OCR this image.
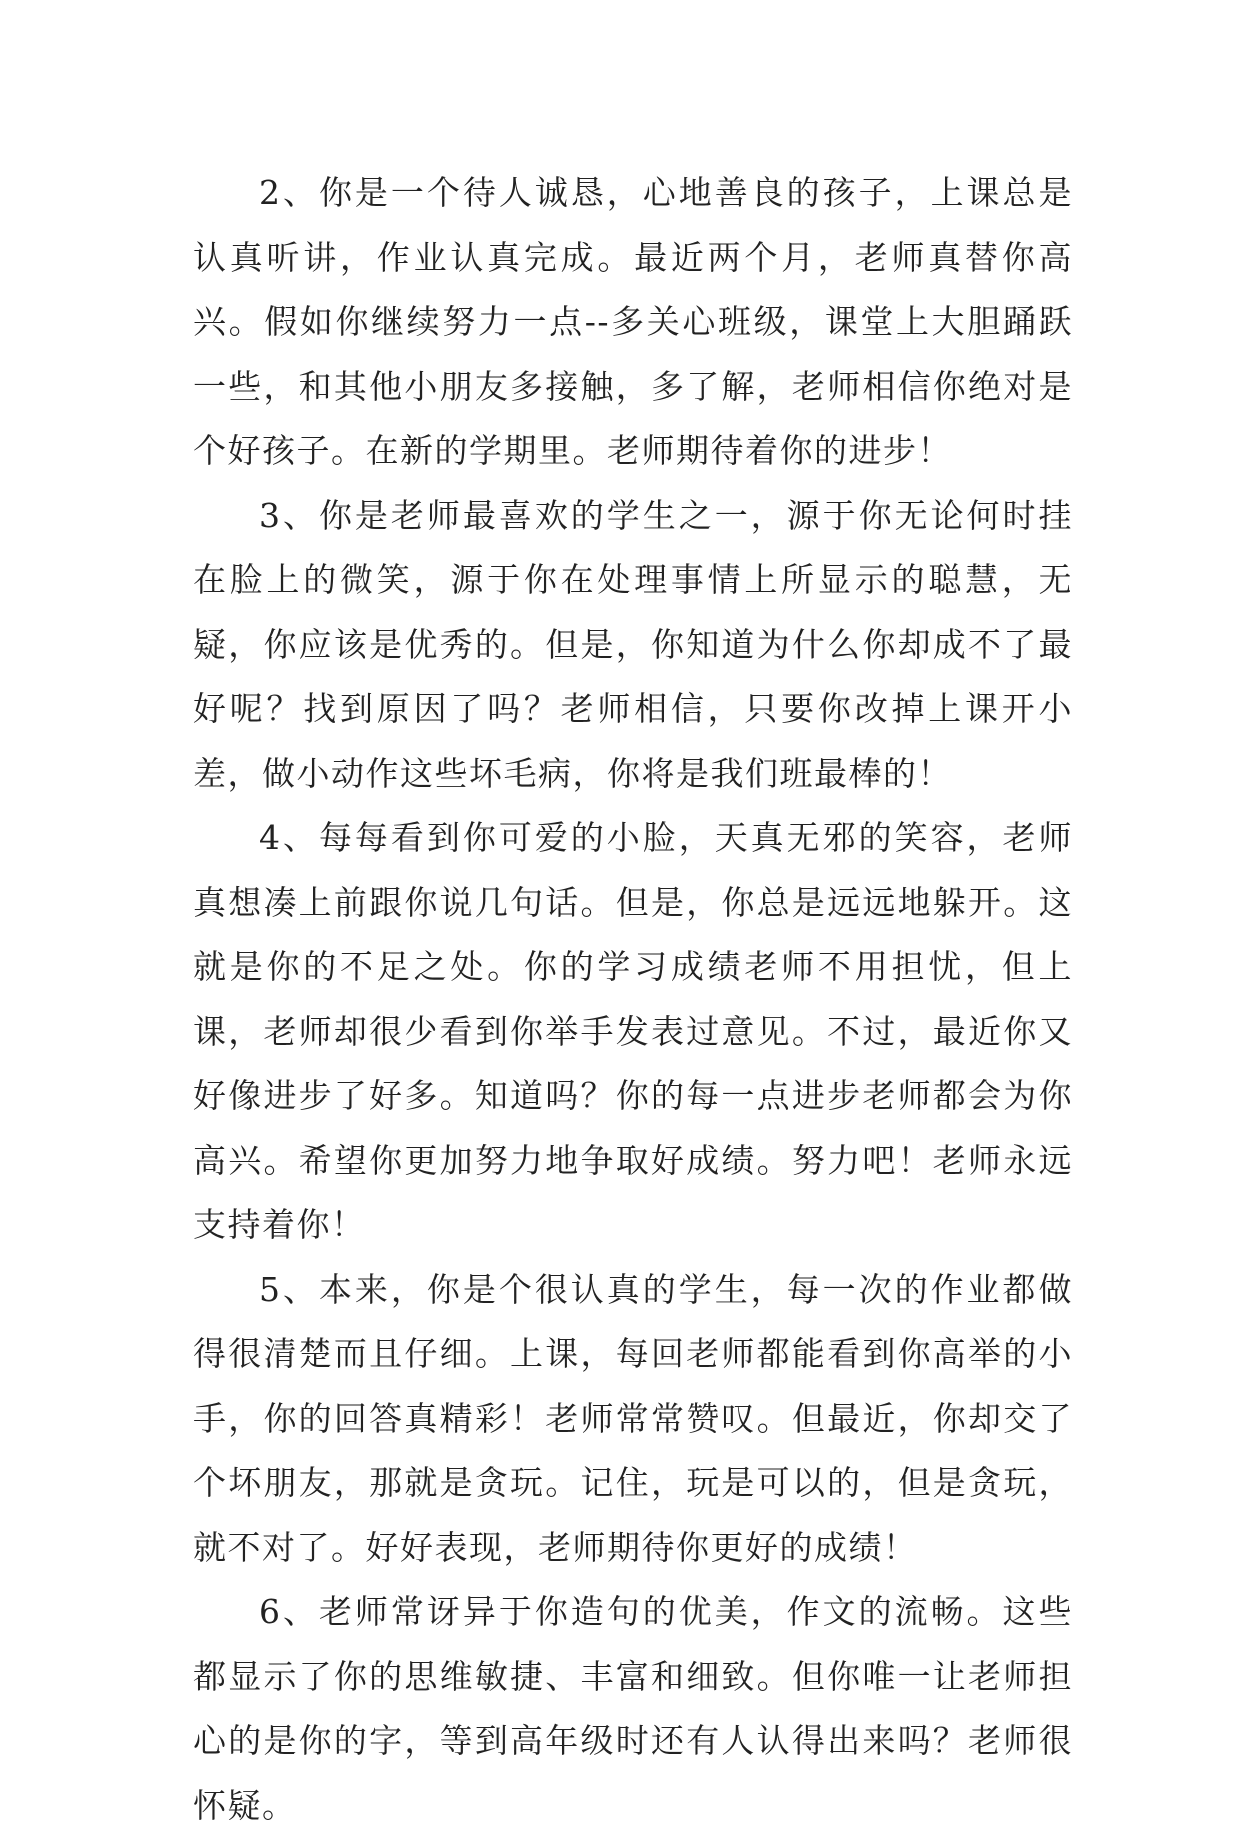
2、你是一个待人诚恳，心地善良的孩子，上课总是认真听讲，作业认真完成。最近两个月，老师真替你高兴。假如你继续努力一点--多关心班级，课堂上大胆踊跃一些，和其他小朋友多接触，多了解，老师相信你绝对是个好孩子。在新的学期里。老师期待着你的进步！

3、你是老师最喜欢的学生之一，源于你无论何时挂在脸上的微笑，源于你在处理事情上所显示的聪慧，无疑，你应该是优秀的。但是，你知道为什么你却成不了最好呢？找到原因了吗？老师相信，只要你改掉上课开小差，做小动作这些坏毛病，你将是我们班最棒的！

4、每每看到你可爱的小脸，天真无邪的笑容，老师真想凑上前跟你说几句话。但是，你总是远远地躲开。这就是你的不足之处。你的学习成绩老师不用担忧，但上课，老师却很少看到你举手发表过意见。不过，最近你又好像进步了好多。知道吗？你的每一点进步老师都会为你高兴。希望你更加努力地争取好成绩。努力吧！老师永远支持着你！

5、本来，你是个很认真的学生，每一次的作业都做得很清楚而且仔细。上课，每回老师都能看到你高举的小手，你的回答真精彩！老师常常赞叹。但最近，你却交了个坏朋友，那就是贪玩。记住，玩是可以的，但是贪玩，就不对了。好好表现，老师期待你更好的成绩！

6、老师常讶异于你造句的优美，作文的流畅。这些都显示了你的思维敏捷、丰富和细致。但你唯一让老师担心的是你的字，等到高年级时还有人认得出来吗？老师很怀疑。
